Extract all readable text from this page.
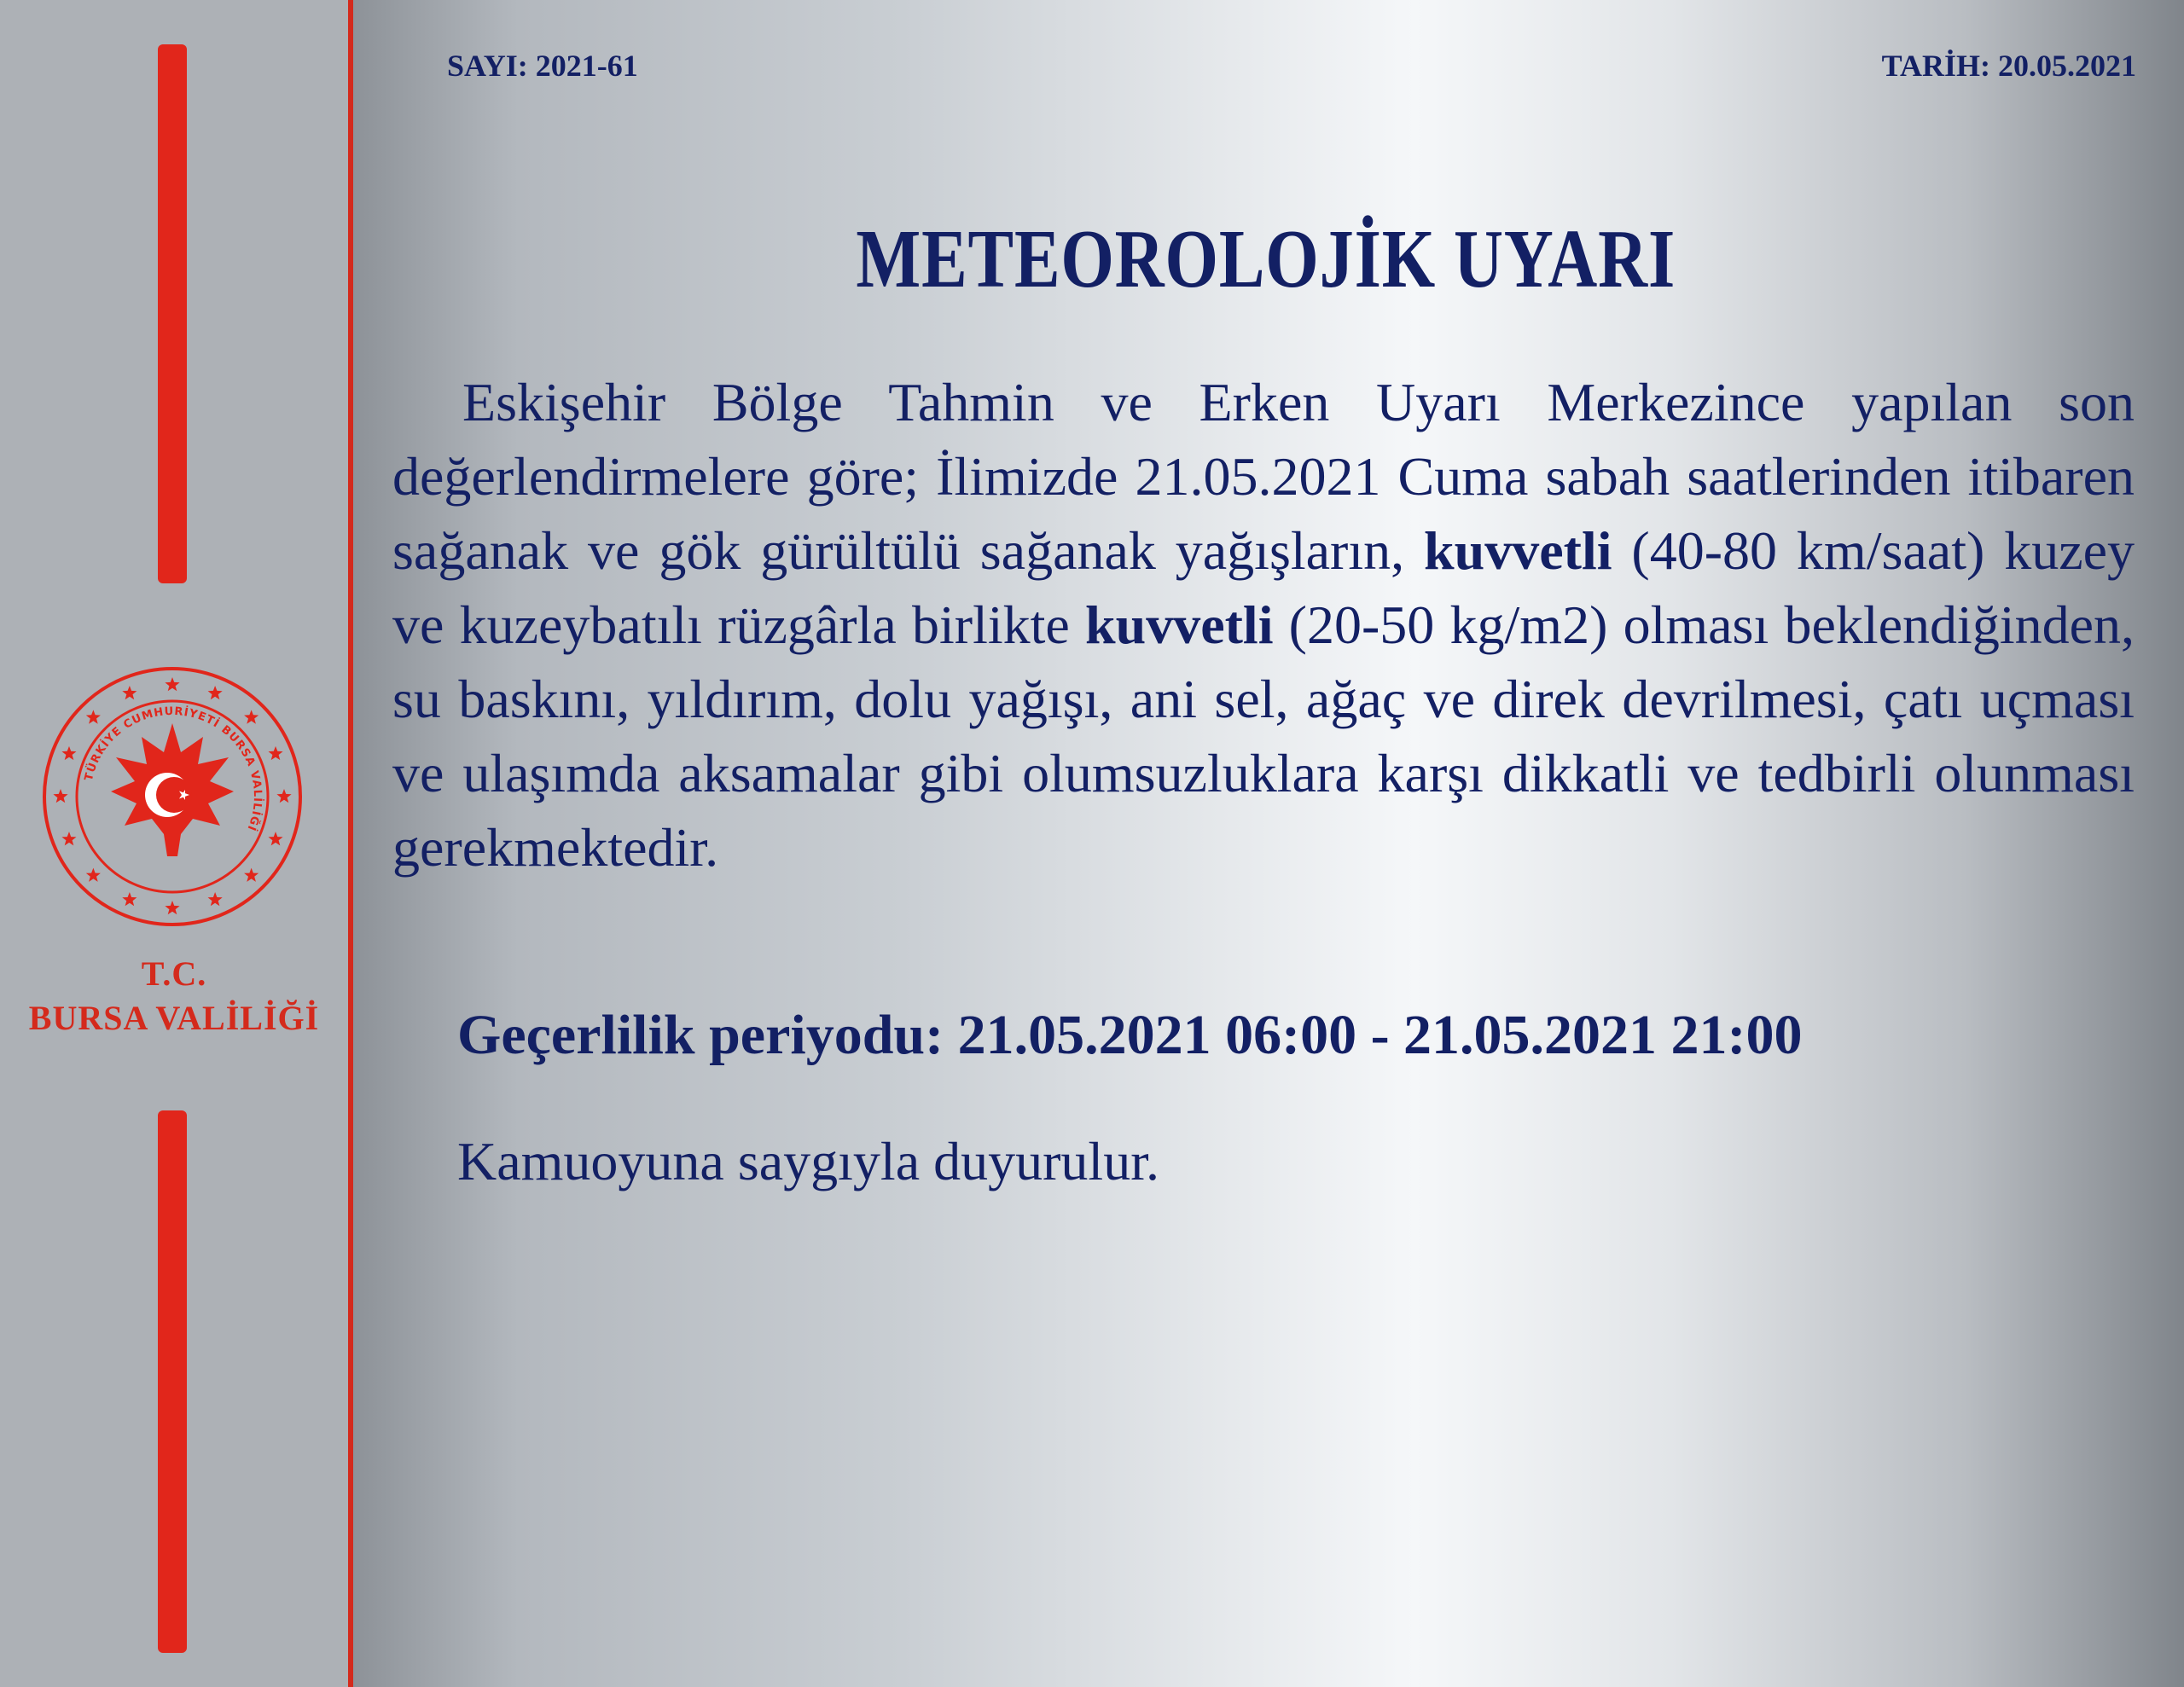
TÜRKİYE CUMHURİYETİ BURSA VALİLİĞİ
T.C.
BURSA VALİLİĞİ
SAYI: 2021-61	TARİH: 20.05.2021
METEOROLOJİK UYARI

Eskişehir Bölge Tahmin ve Erken Uyarı Merkezince yapılan son değerlendirmelere göre; İlimizde 21.05.2021 Cuma sabah saatlerinden itibaren sağanak ve gök gürültülü sağanak yağışların, kuvvetli (40-80 km/saat) kuzey ve kuzeybatılı rüzgârla birlikte kuvvetli (20-50 kg/m2) olması beklendiğinden, su baskını, yıldırım, dolu yağışı, ani sel, ağaç ve direk devrilmesi, çatı uçması ve ulaşımda aksamalar gibi olumsuzluklara karşı dikkatli ve tedbirli olunması gerekmektedir.

Geçerlilik periyodu: 21.05.2021 06:00 - 21.05.2021 21:00
Kamuoyuna saygıyla duyurulur.
